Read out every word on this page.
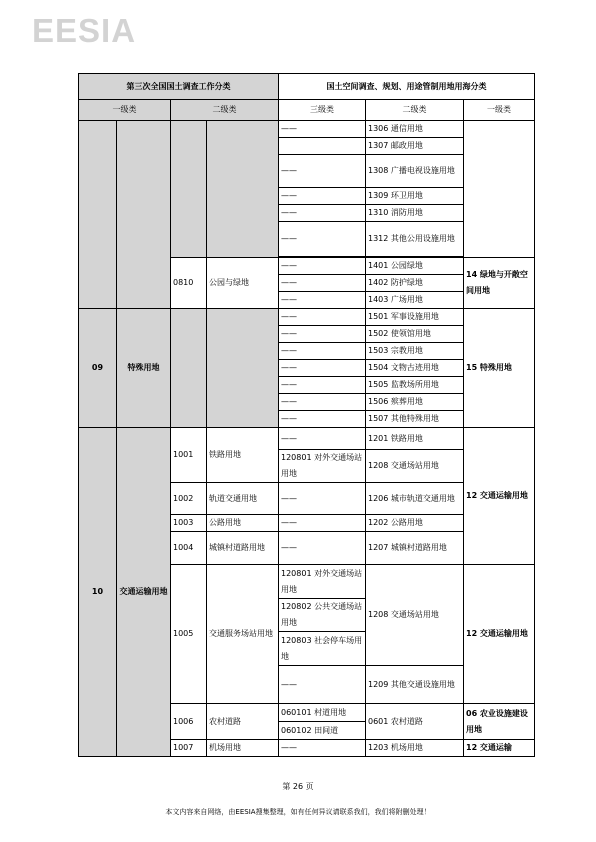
EESIA
第三次全国国土调查工作分类				国土空间调查、规划、用途管制用地用海分类		
一级类		二级类		三级类	二级类	一级类
				——	1306 通信用地	
					1307 邮政用地	
				——	1308 广播电视设施用地	
				——	1309 环卫用地	
				——	1310 消防用地	
				——	1312 其他公用设施用地	

		0810	公园与绿地	——	1401 公园绿地	14 绿地与开敞空间用地
				——	1402 防护绿地	
				——	1403 广场用地	
09	特殊用地			——	1501 军事设施用地	15 特殊用地
				——	1502 使领馆用地	
				——	1503 宗教用地	
				——	1504 文物古迹用地	
				——	1505 监教场所用地	
				——	1506 殡葬用地	
				——	1507 其他特殊用地	
10	交通运输用地	1001	铁路用地	——	1201 铁路用地	12 交通运输用地
				120801 对外交通场站用地	1208 交通场站用地	
		1002	轨道交通用地	——	1206 城市轨道交通用地	
		1003	公路用地	——	1202 公路用地	
		1004	城镇村道路用地	——	1207 城镇村道路用地	
		1005	交通服务场站用地	120801 对外交通场站用地	1208 交通场站用地	12 交通运输用地
				120802 公共交通场站用地		
				120803 社会停车场用地		
				——	1209 其他交通设施用地	
		1006	农村道路	060101 村道用地	0601 农村道路	06 农业设施建设用地
				060102 田间道		
		1007	机场用地	——	1203 机场用地	12 交通运输
第 26 页
本文内容来自网络，由EESIA搜集整理，如有任何异议请联系我们，我们将附删处理！
